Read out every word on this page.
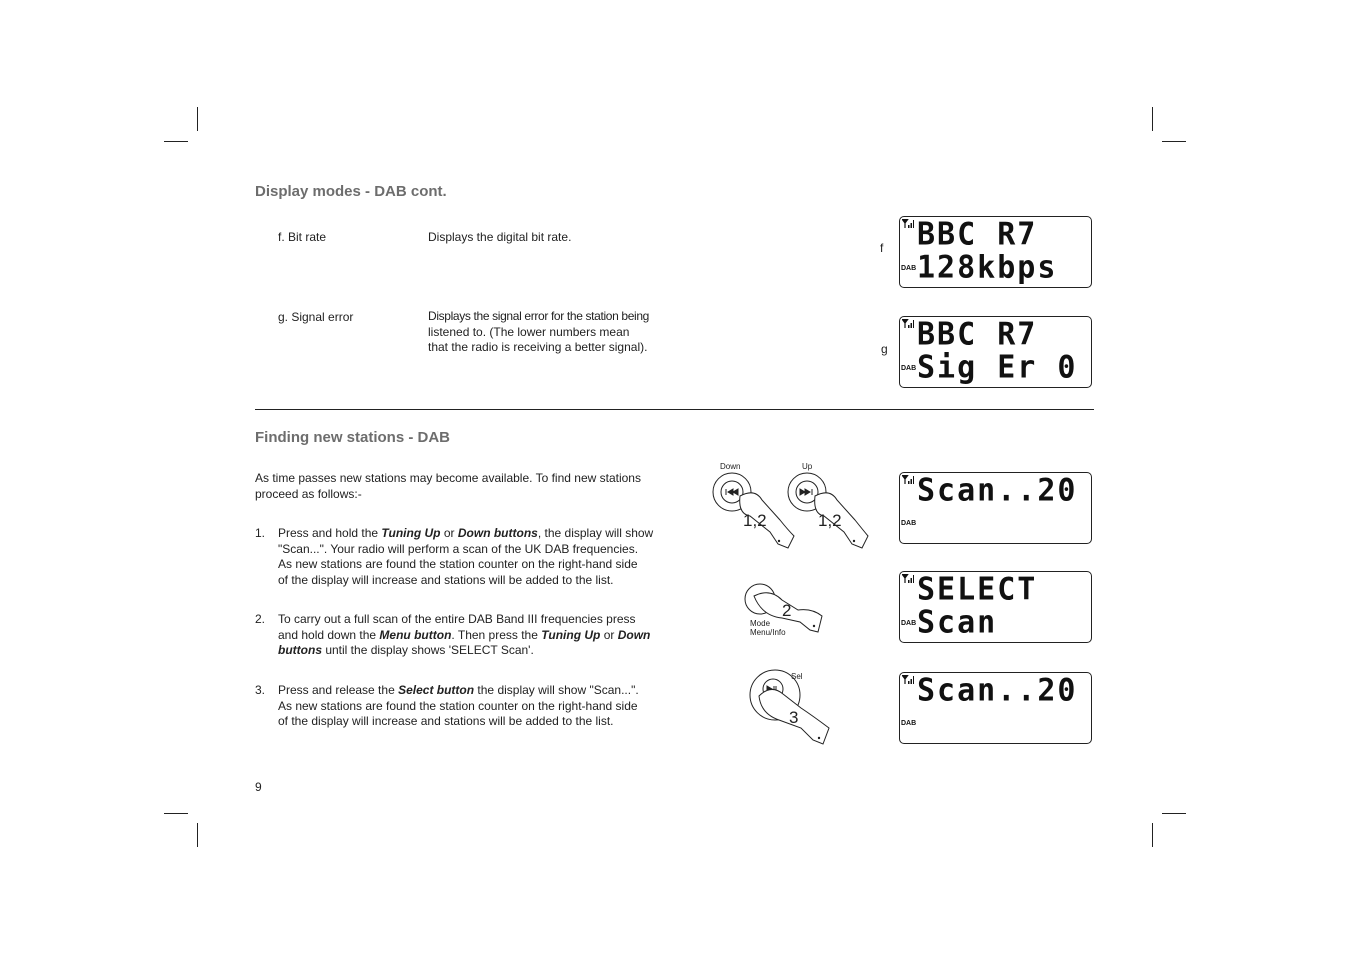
Display modes - DAB cont.
f. Bit rate	Displays the digital bit rate.
f
DAB
BBC R7
128kbps
g. Signal error	Displays the signal error for the station being
listened to. (The lower numbers mean
that the radio is receiving a better signal).	g
DAB
BBC R7
Sig Er 0
Finding new stations - DAB
As time passes new stations may become available. To find new stations
proceed as follows:-
1. Press and hold the Tuning Up or Down buttons, the display will show
"Scan...". Your radio will perform a scan of the UK DAB frequencies.
As new stations are found the station counter on the right-hand side
of the display will increase and stations will be added to the list.
2. To carry out a full scan of the entire DAB Band III frequencies press
and hold down the Menu button. Then press the Tuning Up or Down
buttons until the display shows 'SELECT Scan'.
3. Press and release the Select button the display will show "Scan...".
As new stations are found the station counter on the right-hand side
of the display will increase and stations will be added to the list.
Down	Up
1,2	1,2
2
Mode
Menu/Info
Sel
3
DAB
Scan..20
DAB
SELECT
Scan
DAB
Scan..20
9
